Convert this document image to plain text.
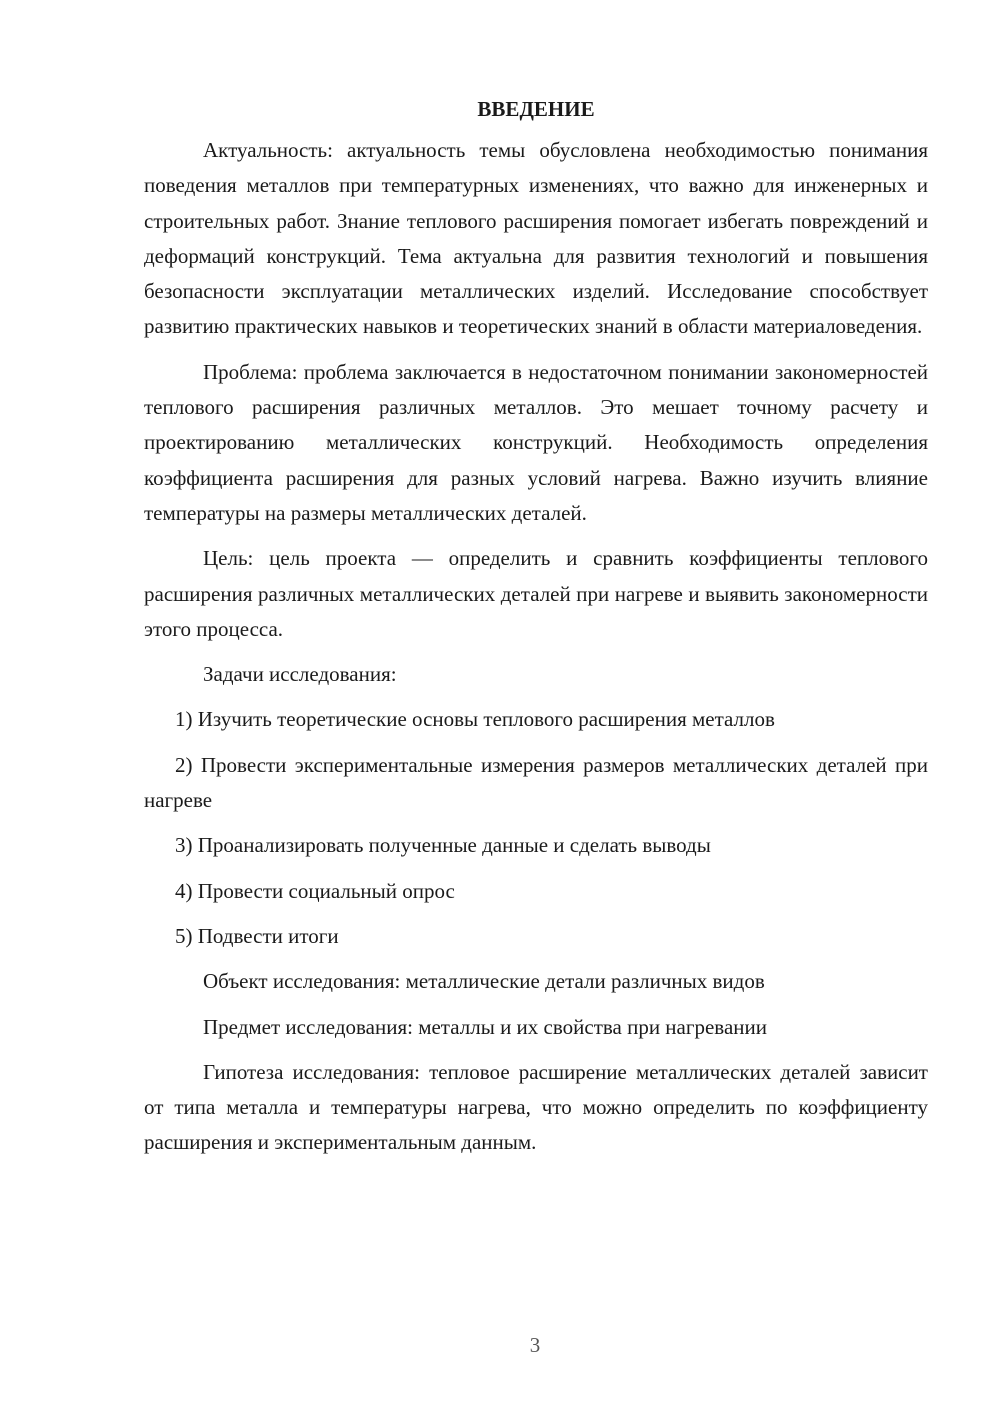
ВВЕДЕНИЕ

Актуальность: актуальность темы обусловлена необходимостью понимания поведения металлов при температурных изменениях, что важно для инженерных и строительных работ. Знание теплового расширения помогает избегать повреждений и деформаций конструкций. Тема актуальна для развития технологий и повышения безопасности эксплуатации металлических изделий. Исследование способствует развитию практических навыков и теоретических знаний в области материаловедения.

Проблема: проблема заключается в недостаточном понимании закономерностей теплового расширения различных металлов. Это мешает точному расчету и проектированию металлических конструкций. Необходимость определения коэффициента расширения для разных условий нагрева. Важно изучить влияние температуры на размеры металлических деталей.

Цель: цель проекта — определить и сравнить коэффициенты теплового расширения различных металлических деталей при нагреве и выявить закономерности этого процесса.

Задачи исследования:

1) Изучить теоретические основы теплового расширения металлов

2) Провести экспериментальные измерения размеров металлических деталей при нагреве

3) Проанализировать полученные данные и сделать выводы

4) Провести социальный опрос

5) Подвести итоги

Объект исследования: металлические детали различных видов

Предмет исследования: металлы и их свойства при нагревании

Гипотеза исследования: тепловое расширение металлических деталей зависит от типа металла и температуры нагрева, что можно определить по коэффициенту расширения и экспериментальным данным.

3
